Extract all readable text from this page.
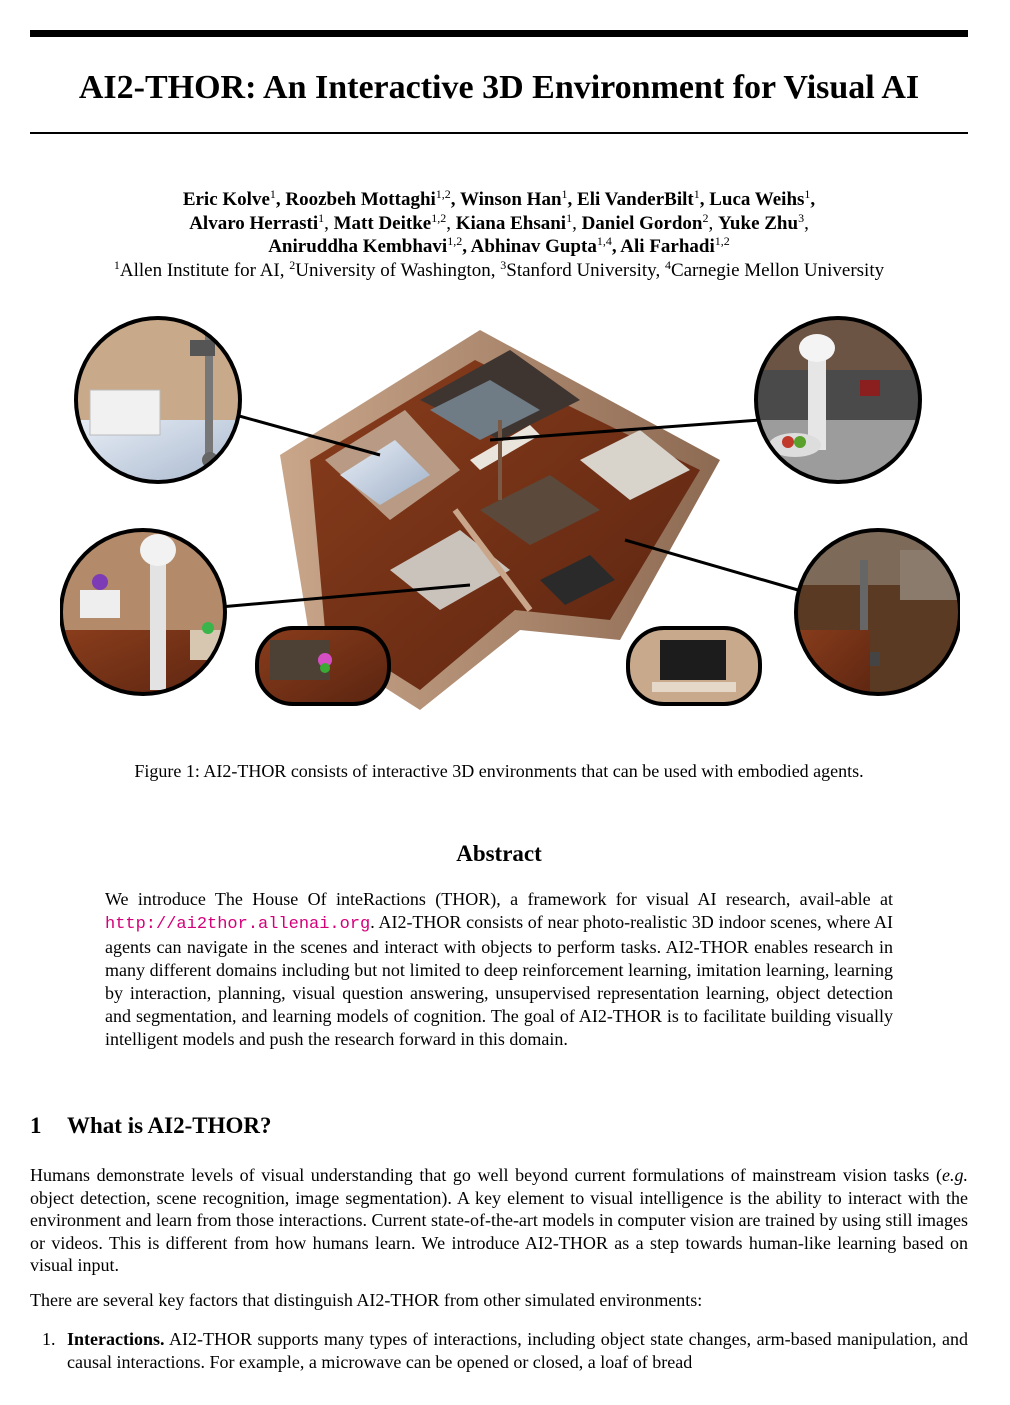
AI2-THOR: An Interactive 3D Environment for Visual AI
Eric Kolve$^1$, Roozbeh Mottaghi$^{1,2}$, Winson Han$^1$, Eli VanderBilt$^1$, Luca Weihs$^1$,
Alvaro Herrasti$^1$, Matt Deitke$^{1,2}$, Kiana Ehsani$^1$, Daniel Gordon$^2$, Yuke Zhu$^3$,
Aniruddha Kembhavi$^{1,2}$, Abhinav Gupta$^{1,4}$, Ali Farhadi$^{1,2}$
$^1$Allen Institute for AI, $^2$University of Washington, $^3$Stanford University, $^4$Carnegie Mellon University
Figure 1: AI2-THOR consists of interactive 3D environments that can be used with embodied agents.
Abstract
We introduce The House Of inteRactions (THOR), a framework for visual AI research, avail-able at http://ai2thor.allenai.org. AI2-THOR consists of near photo-realistic 3D indoor scenes, where AI agents can navigate in the scenes and interact with objects to perform tasks. AI2-THOR enables research in many different domains including but not limited to deep reinforcement learning, imitation learning, learning by interaction, planning, visual question answering, unsupervised representation learning, object detection and segmentation, and learning models of cognition. The goal of AI2-THOR is to facilitate building visually intelligent models and push the research forward in this domain.
1 What is AI2-THOR?
Humans demonstrate levels of visual understanding that go well beyond current formulations of mainstream vision tasks (e.g. object detection, scene recognition, image segmentation). A key element to visual intelligence is the ability to interact with the environment and learn from those interactions. Current state-of-the-art models in computer vision are trained by using still images or videos. This is different from how humans learn. We introduce AI2-THOR as a step towards human-like learning based on visual input.
There are several key factors that distinguish AI2-THOR from other simulated environments:
1. Interactions. AI2-THOR supports many types of interactions, including object state changes, arm-based manipulation, and causal interactions. For example, a microwave can be opened or closed, a loaf of bread
